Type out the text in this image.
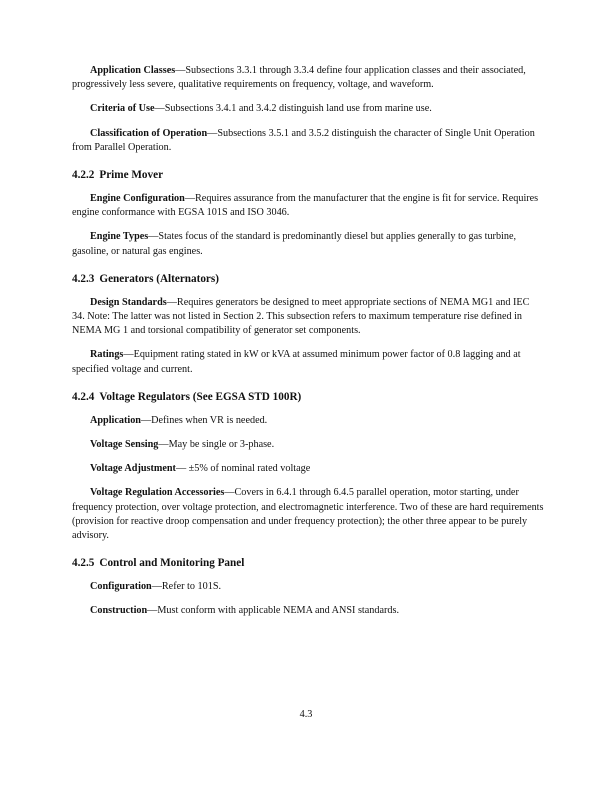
Application Classes—Subsections 3.3.1 through 3.3.4 define four application classes and their associated, progressively less severe, qualitative requirements on frequency, voltage, and waveform.

Criteria of Use—Subsections 3.4.1 and 3.4.2 distinguish land use from marine use.

Classification of Operation—Subsections 3.5.1 and 3.5.2 distinguish the character of Single Unit Operation from Parallel Operation.

4.2.2 Prime Mover

Engine Configuration—Requires assurance from the manufacturer that the engine is fit for service. Requires engine conformance with EGSA 101S and ISO 3046.

Engine Types—States focus of the standard is predominantly diesel but applies generally to gas turbine, gasoline, or natural gas engines.

4.2.3 Generators (Alternators)

Design Standards—Requires generators be designed to meet appropriate sections of NEMA MG1 and IEC 34. Note: The latter was not listed in Section 2. This subsection refers to maximum temperature rise defined in NEMA MG 1 and torsional compatibility of generator set components.

Ratings—Equipment rating stated in kW or kVA at assumed minimum power factor of 0.8 lagging and at specified voltage and current.

4.2.4 Voltage Regulators (See EGSA STD 100R)

Application—Defines when VR is needed.

Voltage Sensing—May be single or 3-phase.

Voltage Adjustment— ±5% of nominal rated voltage

Voltage Regulation Accessories—Covers in 6.4.1 through 6.4.5 parallel operation, motor starting, under frequency protection, over voltage protection, and electromagnetic interference. Two of these are hard requirements (provision for reactive droop compensation and under frequency protection); the other three appear to be purely advisory.

4.2.5 Control and Monitoring Panel

Configuration—Refer to 101S.

Construction—Must conform with applicable NEMA and ANSI standards.

4.3
